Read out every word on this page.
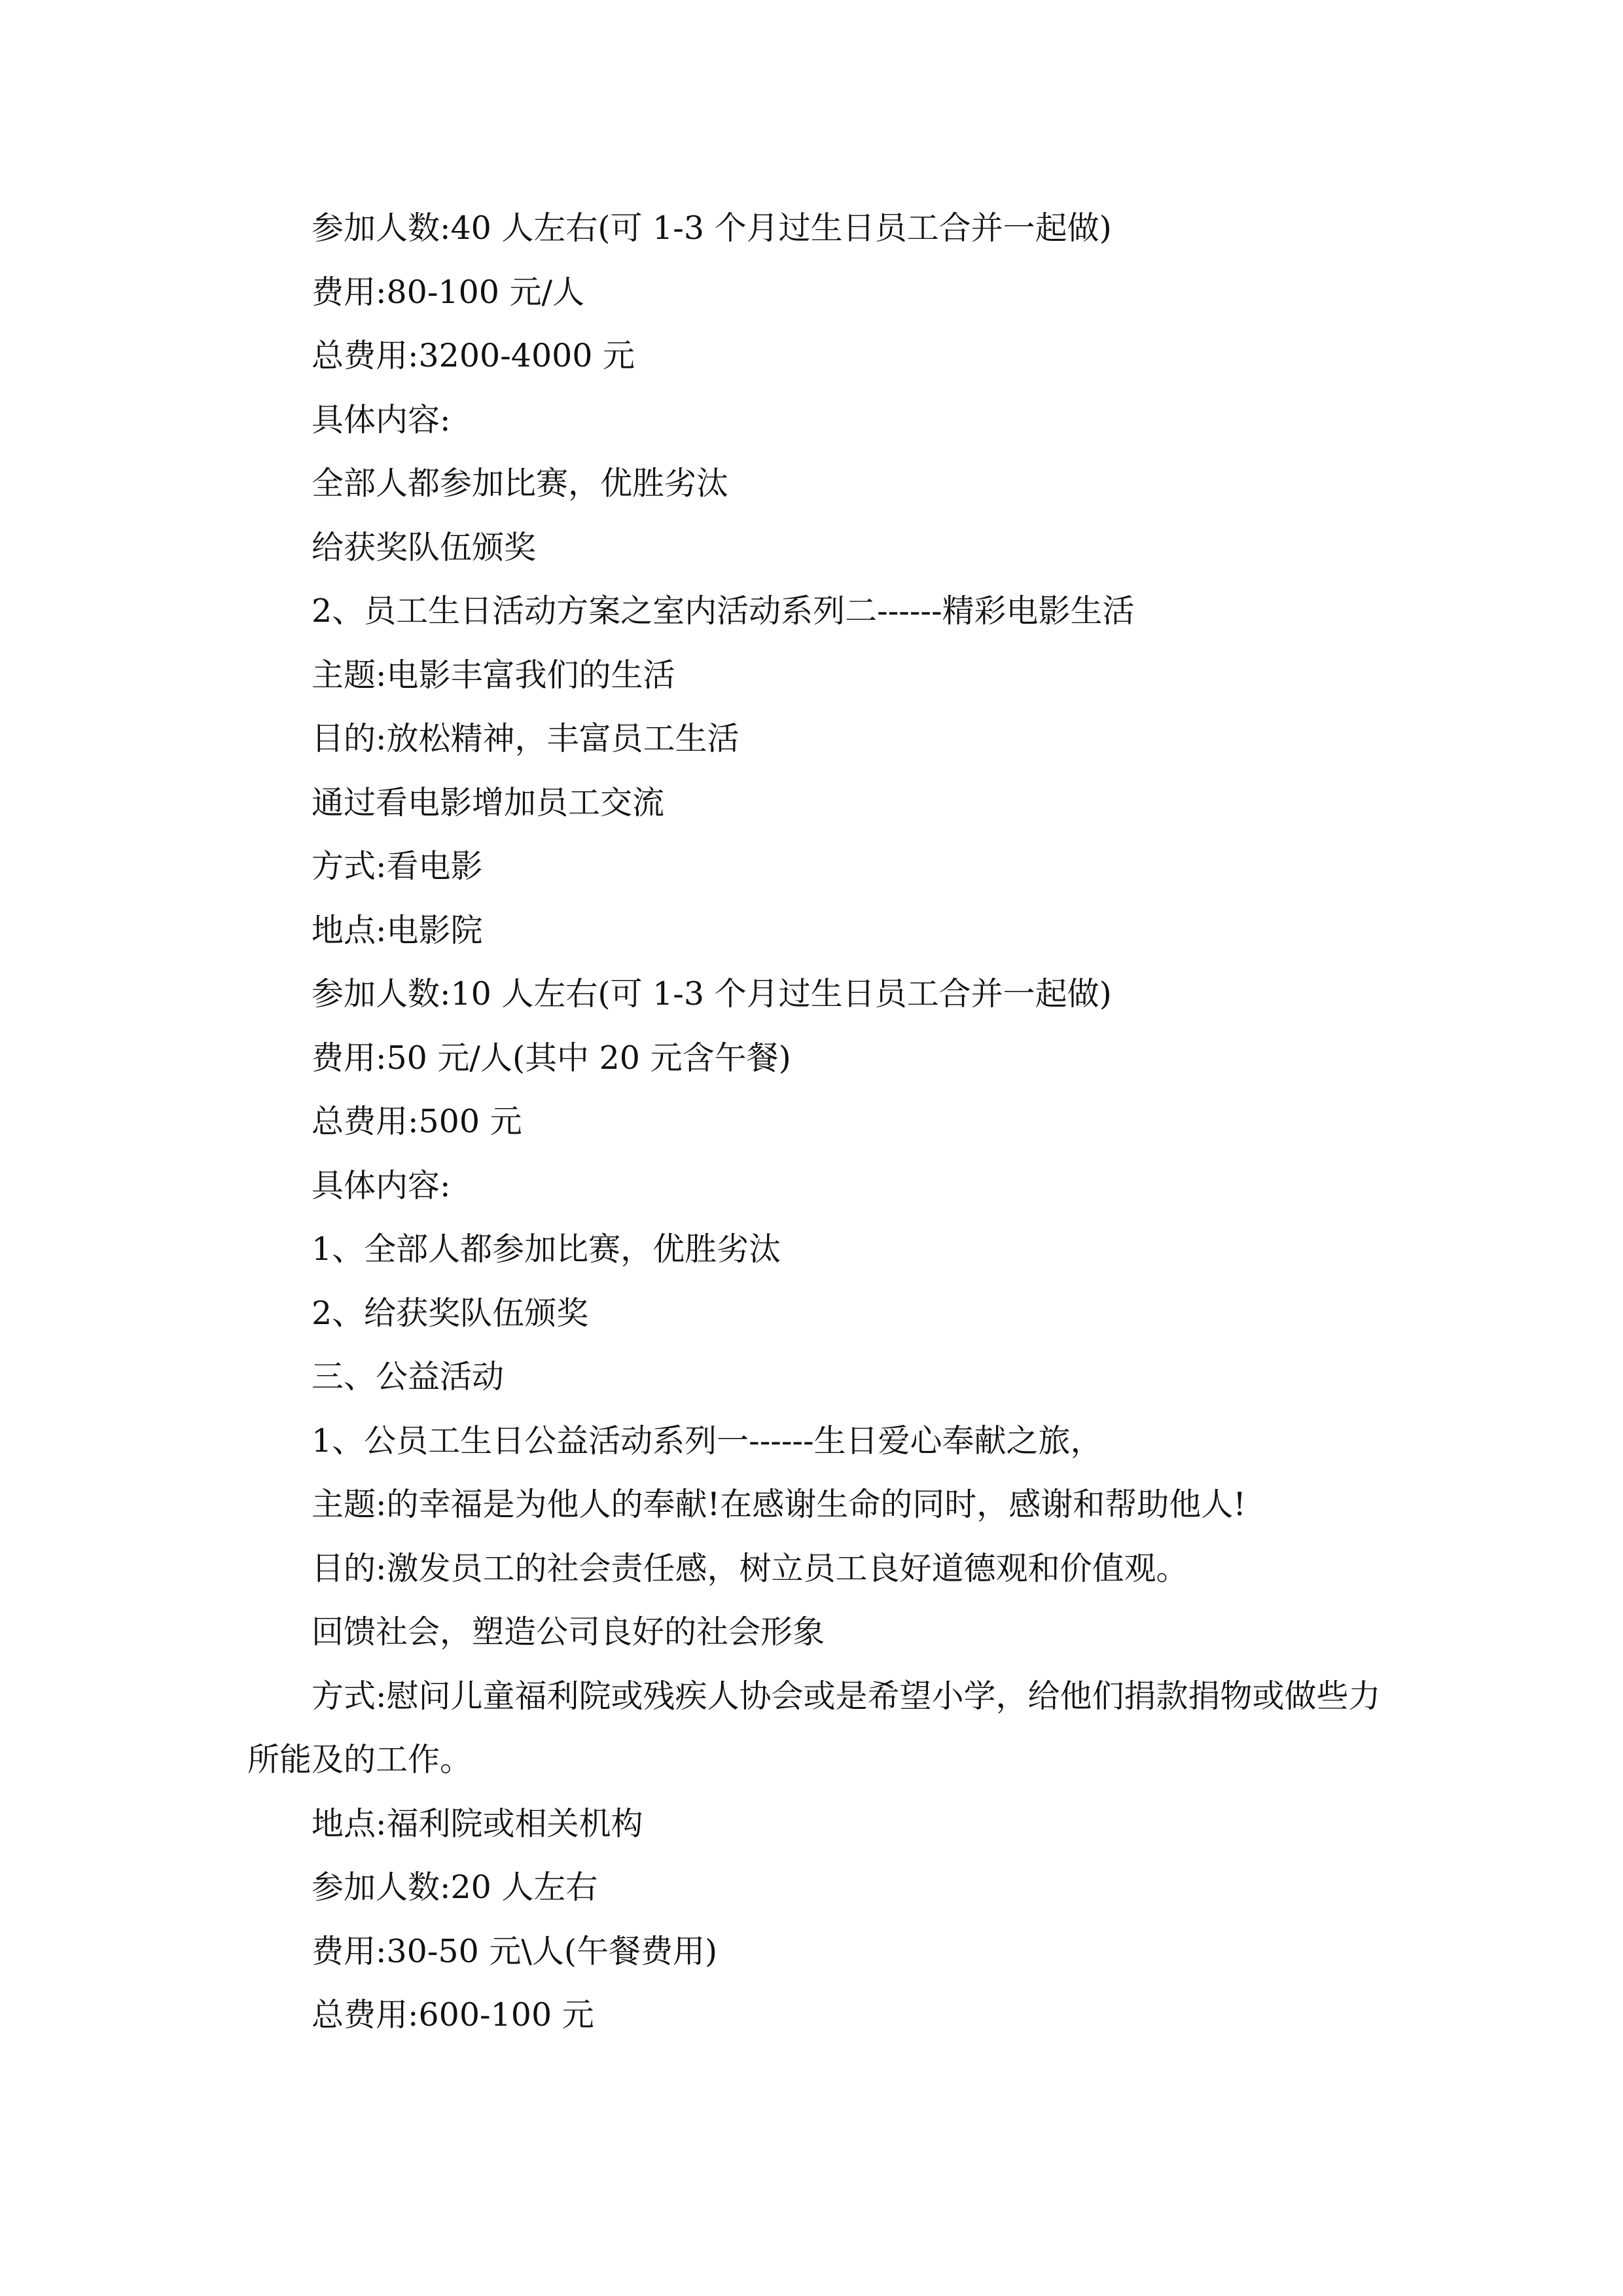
参加人数:40 人左右(可 1-3 个月过生日员工合并一起做)
费用:80-100 元/人
总费用:3200-4000 元
具体内容:
全部人都参加比赛，优胜劣汰
给获奖队伍颁奖
2、员工生日活动方案之室内活动系列二------精彩电影生活
主题:电影丰富我们的生活
目的:放松精神，丰富员工生活
通过看电影增加员工交流
方式:看电影
地点:电影院
参加人数:10 人左右(可 1-3 个月过生日员工合并一起做)
费用:50 元/人(其中 20 元含午餐)
总费用:500 元
具体内容:
1、全部人都参加比赛，优胜劣汰
2、给获奖队伍颁奖
三、公益活动
1、公员工生日公益活动系列一------生日爱心奉献之旅，
主题:的幸福是为他人的奉献!在感谢生命的同时，感谢和帮助他人!
目的:激发员工的社会责任感，树立员工良好道德观和价值观。
回馈社会，塑造公司良好的社会形象
方式:慰问儿童福利院或残疾人协会或是希望小学，给他们捐款捐物或做些力所能及的工作。
地点:福利院或相关机构
参加人数:20 人左右
费用:30-50 元\人(午餐费用)
总费用:600-100 元
